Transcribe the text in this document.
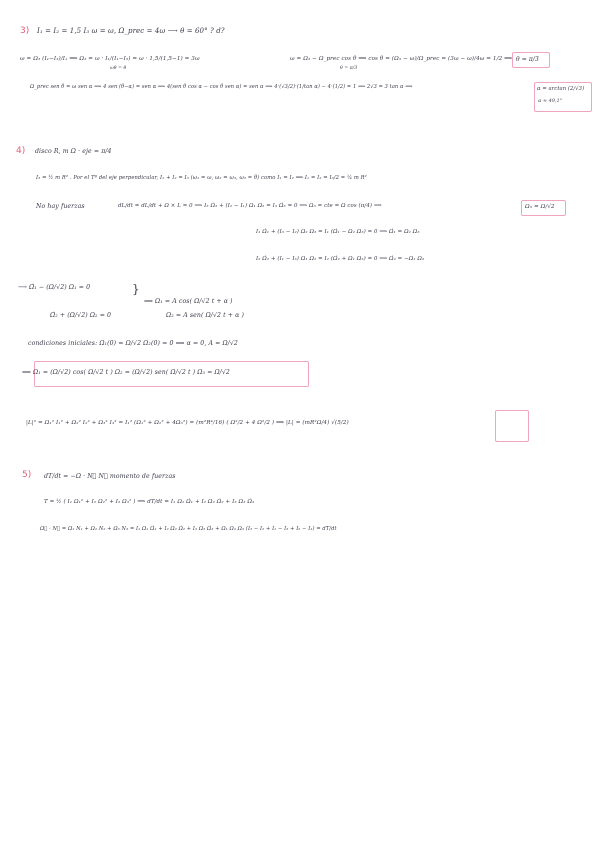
3) I₁ = I₂ = 1,5 I₃ ω = ω, Ω_prec = 4ω ⟶ θ = 60° ? d?
ω = Ω₃ (I₁−I₃)/I₁ ⟹ Ω₃ = ω · I₁/(I₁−I₃) = ω · 1,5/(1,5−1) = 3ω
ωθ = θ
ω = Ω₃ − Ω_prec cos θ ⟹ cos θ = (Ω₃ − ω)/Ω_prec = (3ω − ω)/4ω = 1/2 ⟹
θ = π/3
θ = π/3
Ω_prec sen θ = ω sen α ⟹ 4 sen (θ−α) = sen α ⟹ 4(sen θ cos α − cos θ sen α) = sen α ⟹ 4·(√3/2)·(1/tan α) − 4·(1/2) = 1 ⟹ 2√3 = 3 tan α ⟹	α = arctan (2/√3)
α ≈ 49,1°
4) disco R, m Ω · eje = π/4
I₃ = ½ m R² . Por el Tª del eje perpendicular, I₁ + I₂ = I₃ (ω₁ = ω, ω₂ = ω₃, ω₃ = θ) como I₁ = I₂ ⟹ I₁ = I₂ = I₃/2 = ¼ m R²
No hay fuerzas	dL/dt = dL/dt + Ω × L = 0 ⟹ I₃ Ω̇₃ + (I₂ − I₁) Ω₁ Ω₂ = I₃ Ω̇₃ = 0 ⟹ Ω₃ = cte = Ω cos (π/4) ⟹	Ω₃ = Ω/√2
I₁ Ω̇₁ + (I₃ − I₂) Ω₂ Ω₃ = I₁ (Ω̇₁ − Ω₂ Ω₃) = 0 ⟹ Ω̇₁ = Ω₂ Ω₃
I₂ Ω̇₂ + (I₁ − I₃) Ω₁ Ω₃ = I₂ (Ω̇₂ + Ω₁ Ω₃) = 0 ⟹ Ω̇₂ = −Ω₁ Ω₃
⟶ Ω̈₁ − (Ω/√2) Ω₁ = 0
Ω̈₂ + (Ω/√2) Ω₂ = 0
}
⟹ Ω₁ = A cos( Ω/√2 t + α )
Ω₂ = A sen( Ω/√2 t + α )
condiciones iniciales: Ω₁(0) = Ω/√2 Ω₂(0) = 0 ⟹ α = 0, A = Ω/√2
⟹ Ω₁ = (Ω/√2) cos( Ω/√2 t ) Ω₂ = (Ω/√2) sen( Ω/√2 t ) Ω₃ = Ω/√2
|L|² = Ω₁² I₁² + Ω₂² I₂² + Ω₃² I₃² = I₁² (Ω₁² + Ω₂² + 4Ω₃²) = (m²R⁴/16) ( Ω²/2 + 4 Ω²/2 ) ⟹ |L| = (mR²Ω/4) √(5/2)
5) dT/dt = −Ω · N⃗ N⃗ momento de fuerzas
T = ½ ( I₁ Ω₁² + I₂ Ω₂² + I₃ Ω₃² ) ⟹ dT/dt = I₁ Ω₁ Ω̇₁ + I₂ Ω₂ Ω̇₂ + I₃ Ω₃ Ω̇₃
Ω⃗ · N⃗ = Ω₁ N₁ + Ω₂ N₂ + Ω₃ N₃ = I₁ Ω₁ Ω̇₁ + I₂ Ω₂ Ω̇₂ + I₃ Ω₃ Ω̇₃ + Ω₁ Ω₂ Ω₃ (I₃ − I₂ + I₁ − I₃ + I₂ − I₁) = dT/dt
